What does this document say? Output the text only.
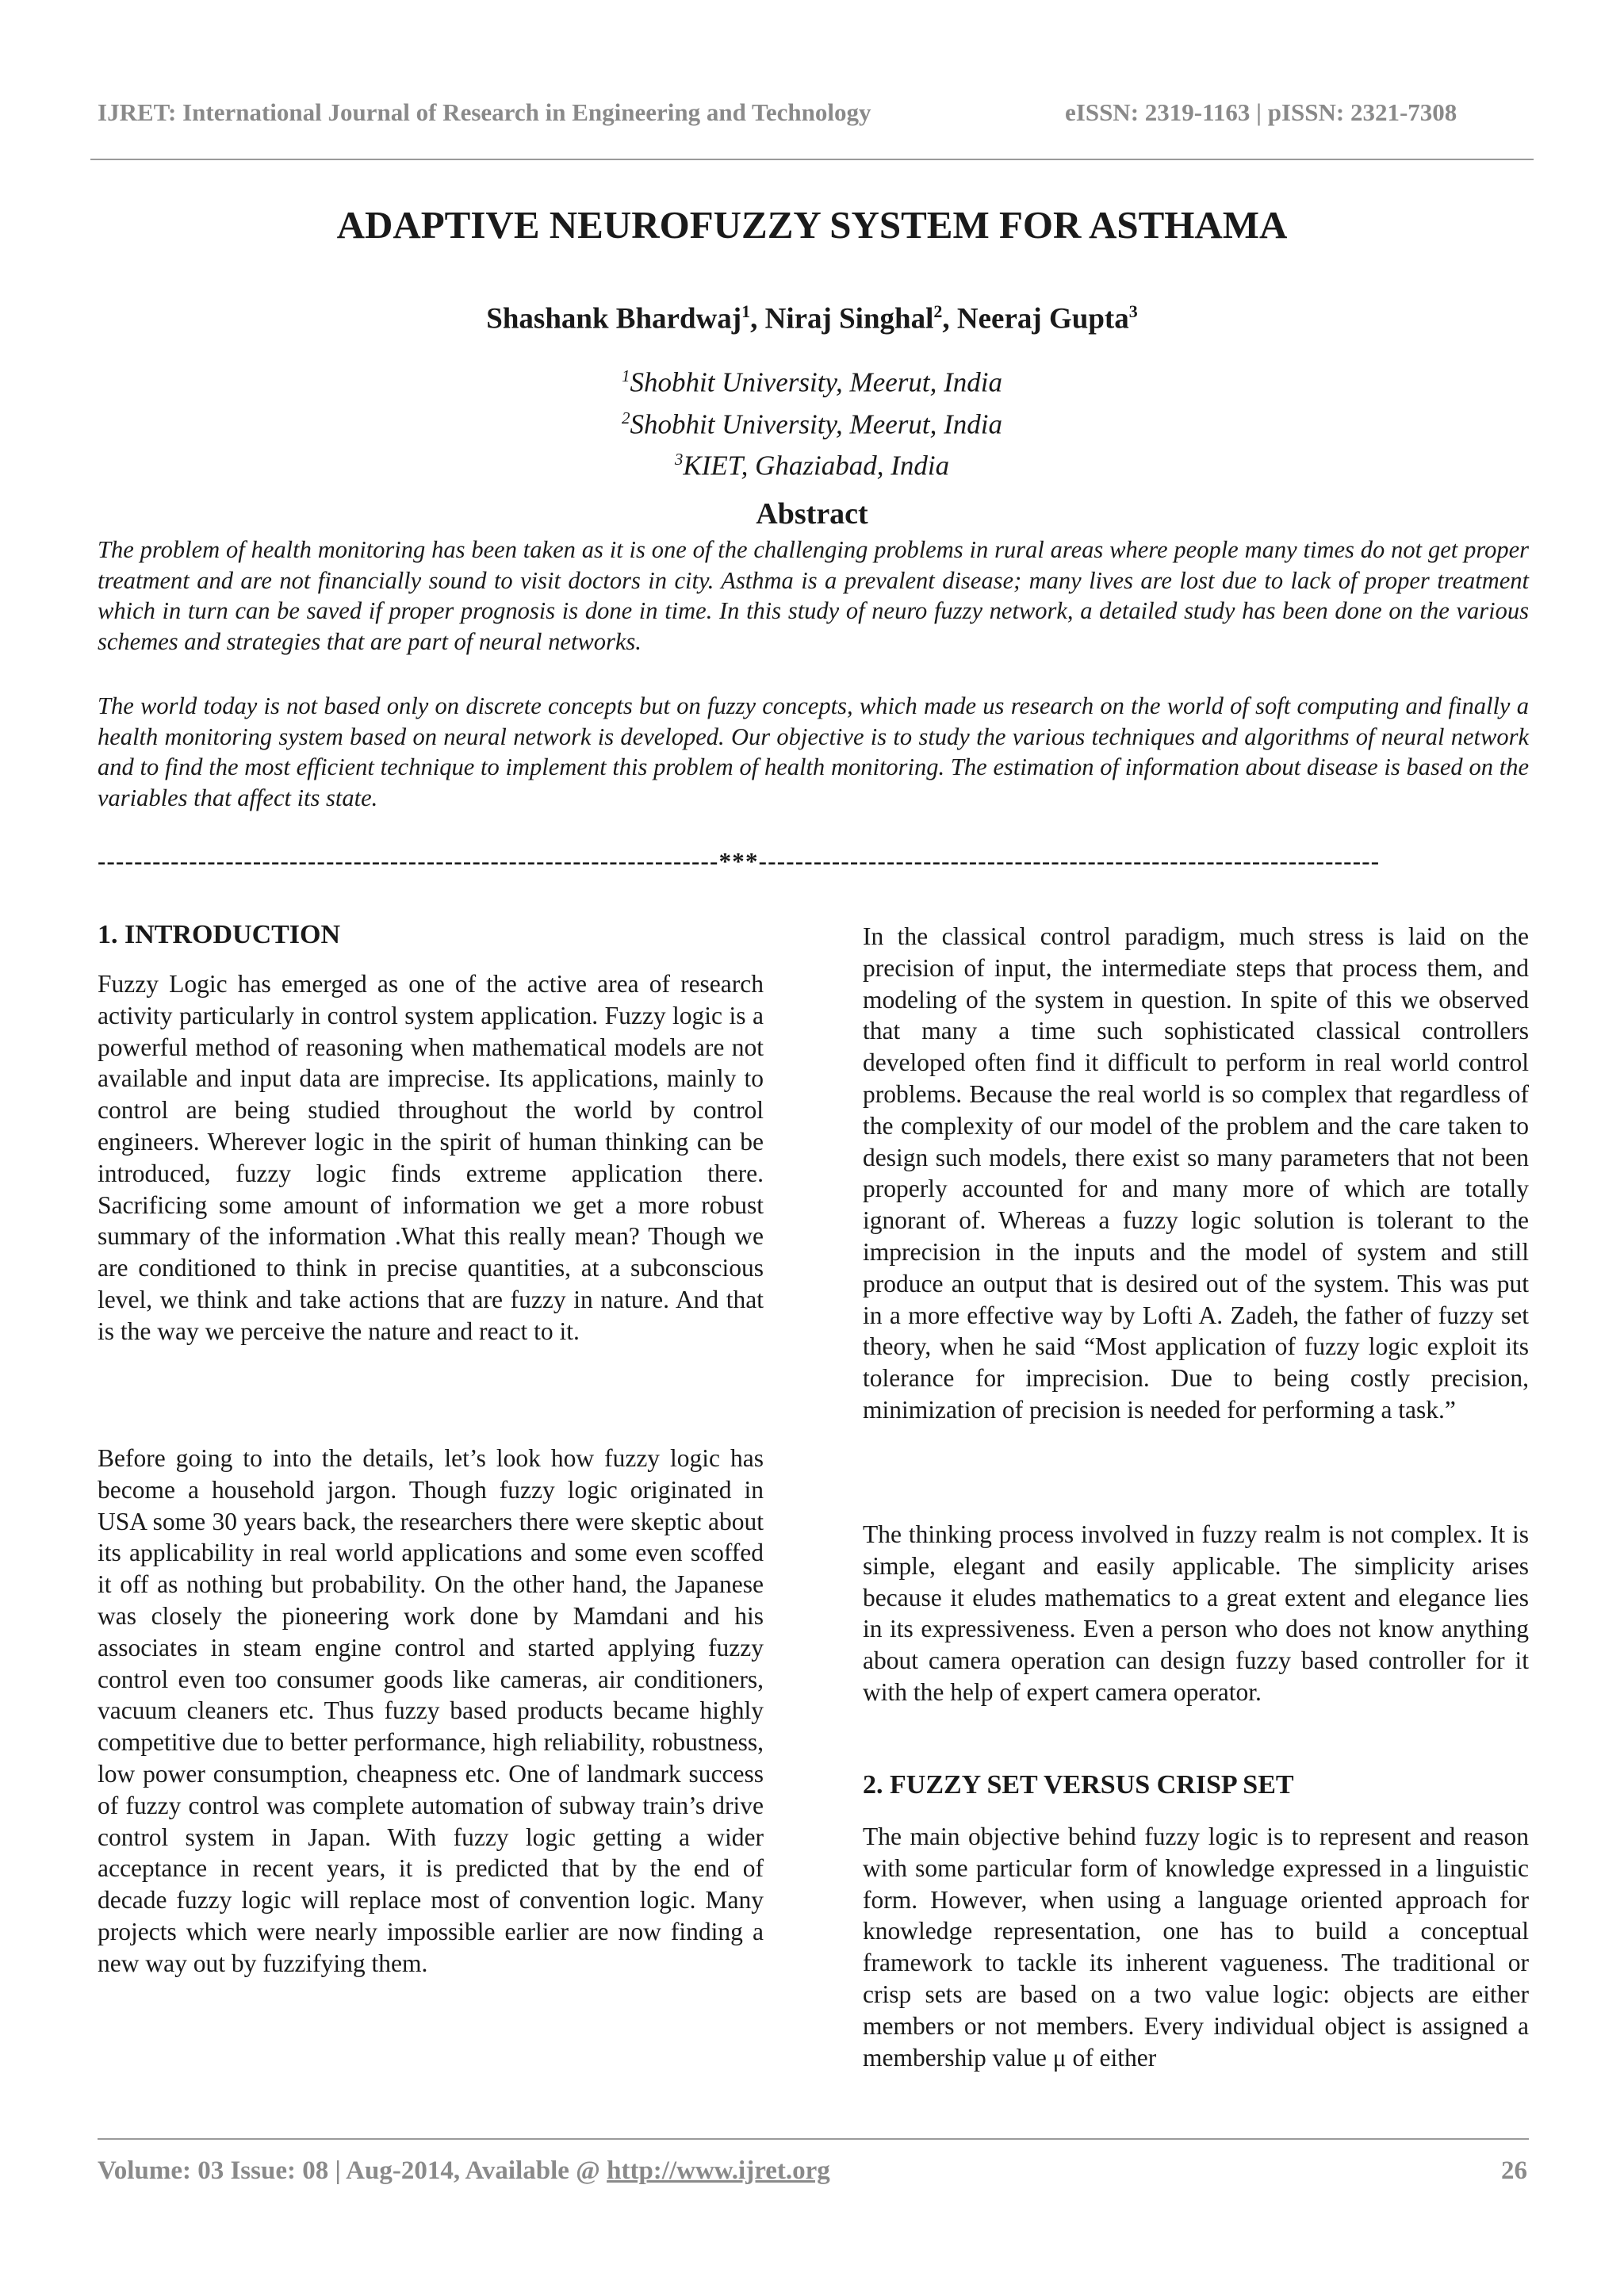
IJRET: International Journal of Research in Engineering and Technology	eISSN: 2319-1163 | pISSN: 2321-7308
ADAPTIVE NEUROFUZZY SYSTEM FOR ASTHAMA
Shashank Bhardwaj$^1$, Niraj Singhal$^2$, Neeraj Gupta$^3$
$^1$Shobhit University, Meerut, India
$^2$Shobhit University, Meerut, India
$^3$KIET, Ghaziabad, India
Abstract

The problem of health monitoring has been taken as it is one of the challenging problems in rural areas where people many times do not get proper treatment and are not financially sound to visit doctors in city. Asthma is a prevalent disease; many lives are lost due to lack of proper treatment which in turn can be saved if proper prognosis is done in time. In this study of neuro fuzzy network, a detailed study has been done on the various schemes and strategies that are part of neural networks.

The world today is not based only on discrete concepts but on fuzzy concepts, which made us research on the world of soft computing and finally a health monitoring system based on neural network is developed. Our objective is to study the various techniques and algorithms of neural network and to find the most efficient technique to implement this problem of health monitoring. The estimation of information about disease is based on the variables that affect its state.

--------------------------------------------------------------------***--------------------------------------------------------------------
1. INTRODUCTION

Fuzzy Logic has emerged as one of the active area of research activity particularly in control system application. Fuzzy logic is a powerful method of reasoning when mathematical models are not available and input data are imprecise. Its applications, mainly to control are being studied throughout the world by control engineers. Wherever logic in the spirit of human thinking can be introduced, fuzzy logic finds extreme application there. Sacrificing some amount of information we get a more robust summary of the information .What this really mean? Though we are conditioned to think in precise quantities, at a subconscious level, we think and take actions that are fuzzy in nature. And that is the way we perceive the nature and react to it.

Before going to into the details, let’s look how fuzzy logic has become a household jargon. Though fuzzy logic originated in USA some 30 years back, the researchers there were skeptic about its applicability in real world applications and some even scoffed it off as nothing but probability. On the other hand, the Japanese was closely the pioneering work done by Mamdani and his associates in steam engine control and started applying fuzzy control even too consumer goods like cameras, air conditioners, vacuum cleaners etc. Thus fuzzy based products became highly competitive due to better performance, high reliability, robustness, low power consumption, cheapness etc. One of landmark success of fuzzy control was complete automation of subway train’s drive control system in Japan. With fuzzy logic getting a wider acceptance in recent years, it is predicted that by the end of decade fuzzy logic will replace most of convention logic. Many projects which were nearly impossible earlier are now finding a new way out by fuzzifying them.

In the classical control paradigm, much stress is laid on the precision of input, the intermediate steps that process them, and modeling of the system in question. In spite of this we observed that many a time such sophisticated classical controllers developed often find it difficult to perform in real world control problems. Because the real world is so complex that regardless of the complexity of our model of the problem and the care taken to design such models, there exist so many parameters that not been properly accounted for and many more of which are totally ignorant of. Whereas a fuzzy logic solution is tolerant to the imprecision in the inputs and the model of system and still produce an output that is desired out of the system. This was put in a more effective way by Lofti A. Zadeh, the father of fuzzy set theory, when he said “Most application of fuzzy logic exploit its tolerance for imprecision. Due to being costly precision, minimization of precision is needed for performing a task.”

The thinking process involved in fuzzy realm is not complex. It is simple, elegant and easily applicable. The simplicity arises because it eludes mathematics to a great extent and elegance lies in its expressiveness. Even a person who does not know anything about camera operation can design fuzzy based controller for it with the help of expert camera operator.

2. FUZZY SET VERSUS CRISP SET

The main objective behind fuzzy logic is to represent and reason with some particular form of knowledge expressed in a linguistic form. However, when using a language oriented approach for knowledge representation, one has to build a conceptual framework to tackle its inherent vagueness. The traditional or crisp sets are based on a two value logic: objects are either members or not members. Every individual object is assigned a membership value μ of either

Volume: 03 Issue: 08 | Aug-2014, Available @ http://www.ijret.org	26
